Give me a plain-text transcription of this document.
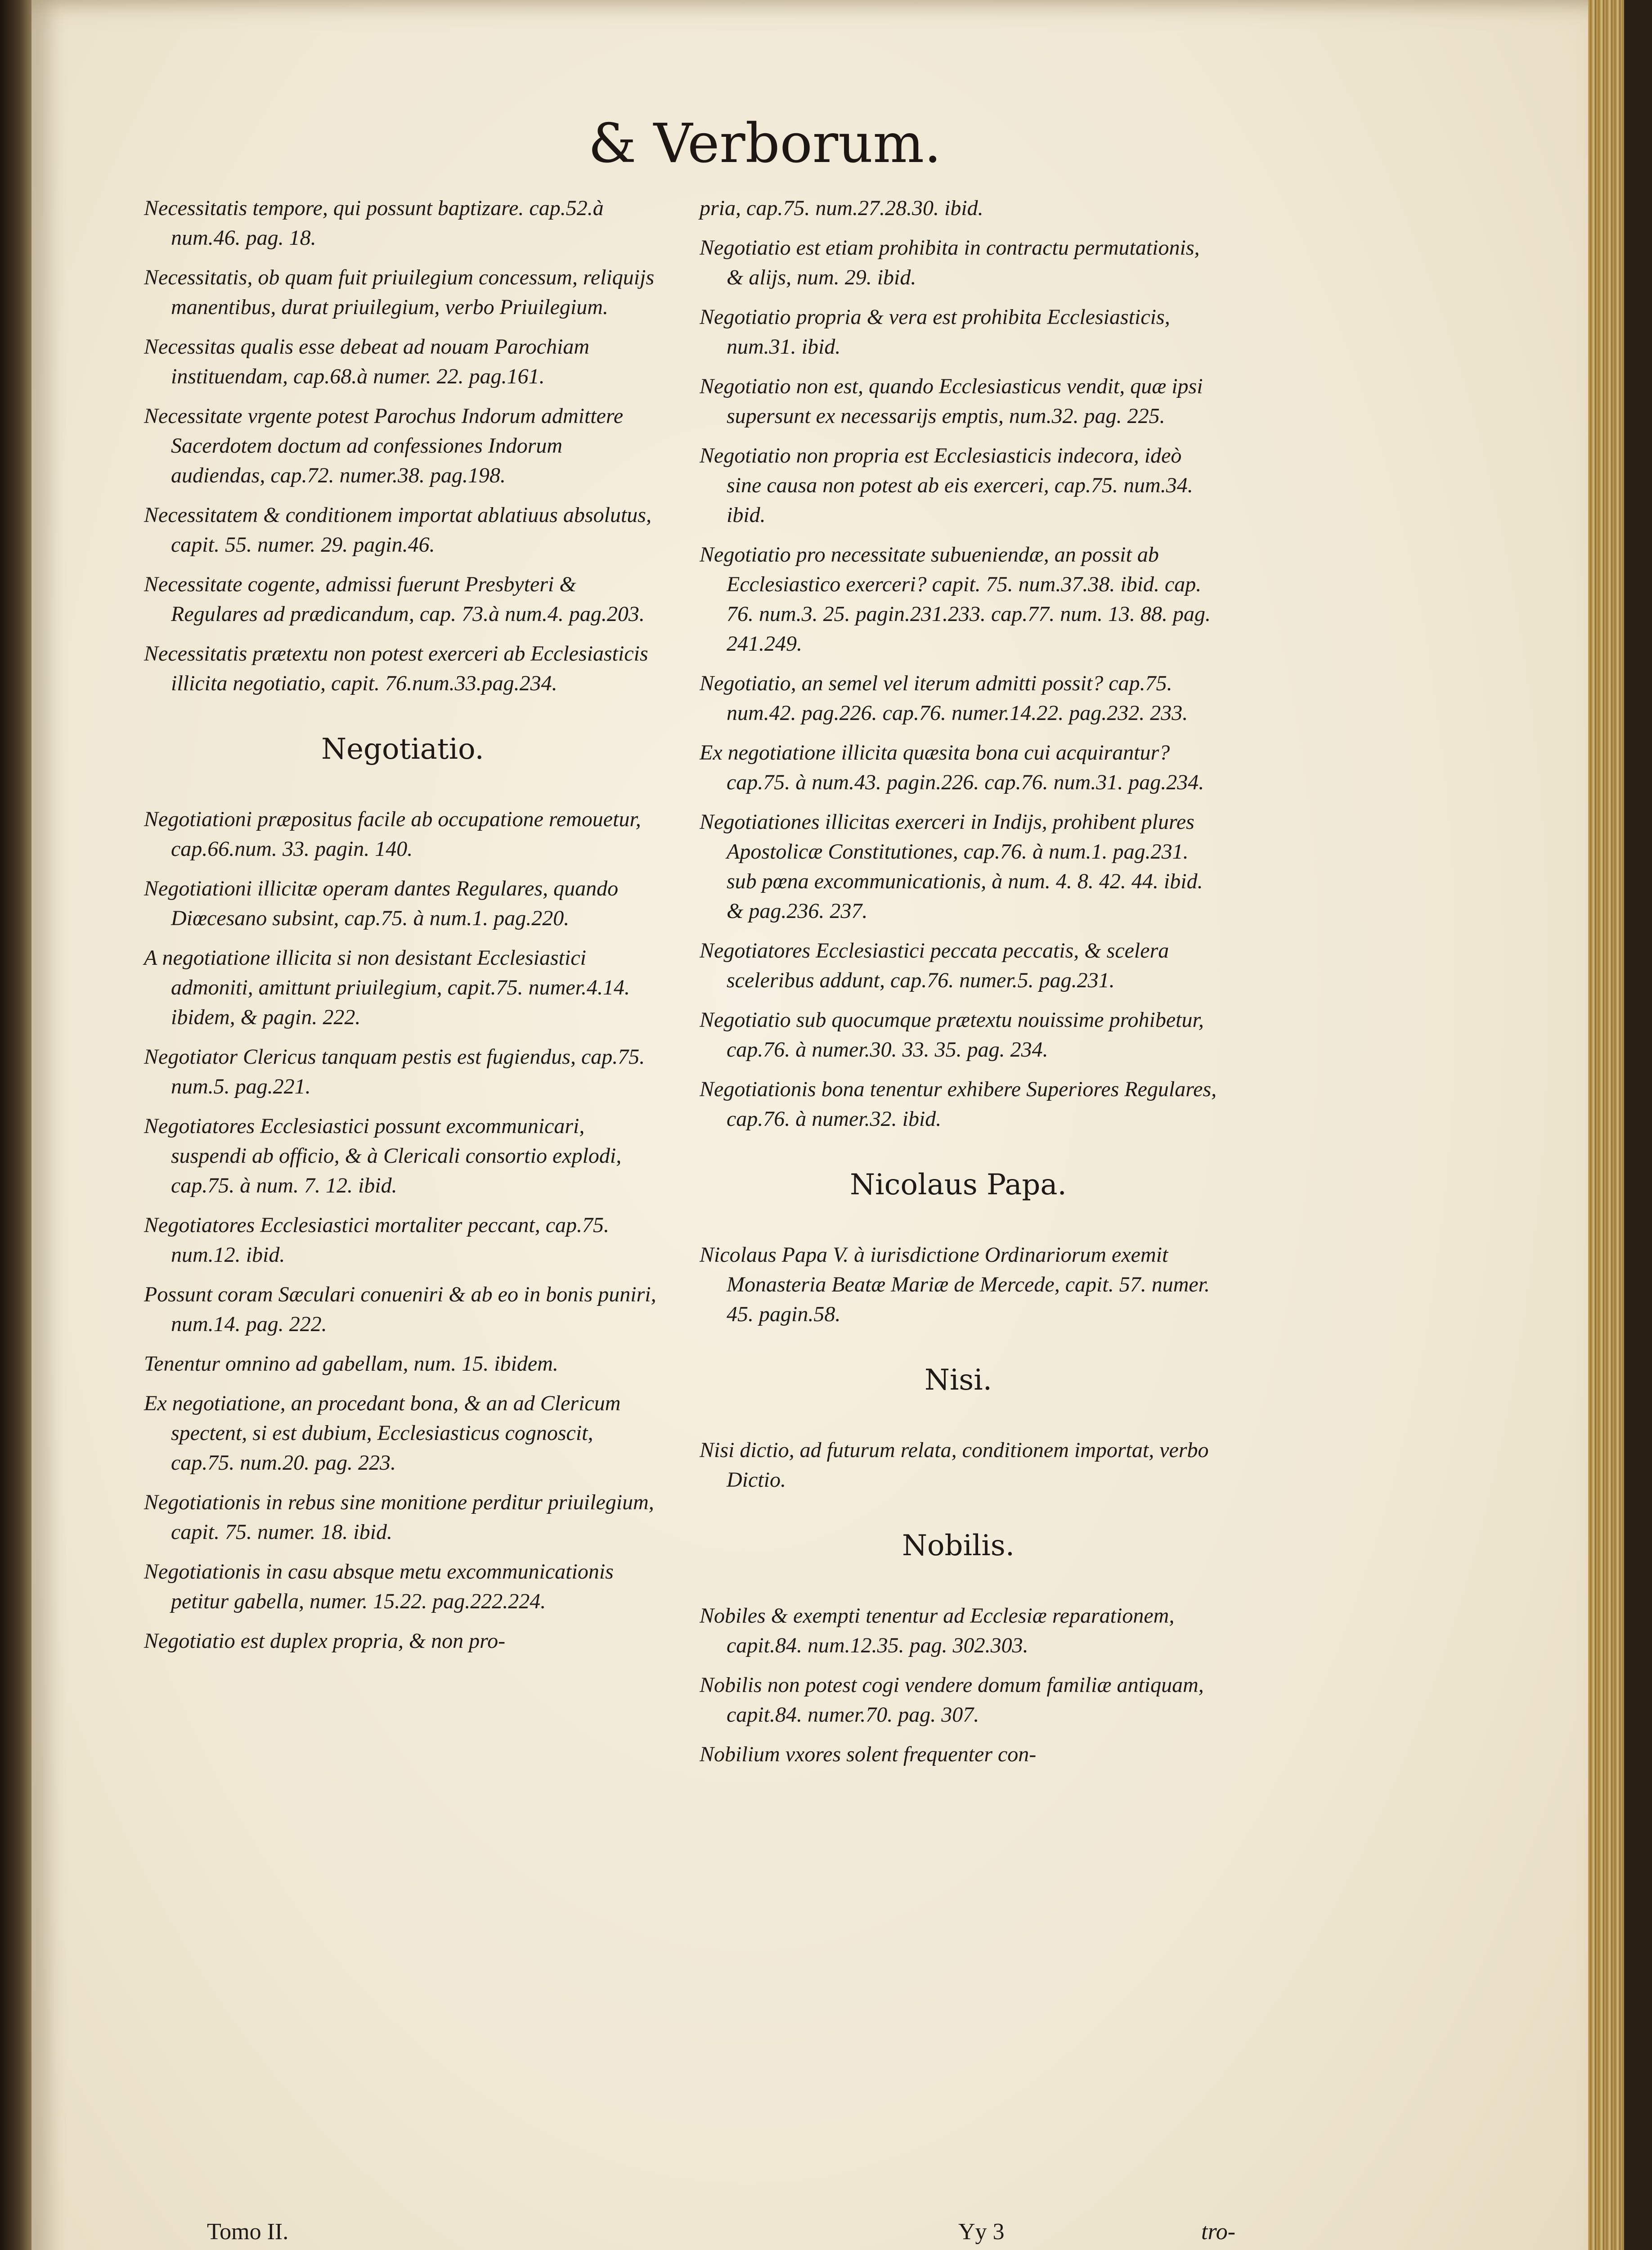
& Verborum.
Necessitatis tempore, qui possunt baptizare. cap.52.à num.46. pag. 18.
Necessitatis, ob quam fuit priuilegium concessum, reliquijs manentibus, durat priuilegium, verbo Priuilegium.
Necessitas qualis esse debeat ad nouam Parochiam instituendam, cap.68.à numer. 22. pag.161.
Necessitate vrgente potest Parochus Indorum admittere Sacerdotem doctum ad confessiones Indorum audiendas, cap.72. numer.38. pag.198.
Necessitatem & conditionem importat ablatiuus absolutus, capit. 55. numer. 29. pagin.46.
Necessitate cogente, admissi fuerunt Presbyteri & Regulares ad prædicandum, cap. 73.à num.4. pag.203.
Necessitatis prætextu non potest exerceri ab Ecclesiasticis illicita negotiatio, capit. 76.num.33.pag.234.
Negotiatio.
Negotiationi præpositus facile ab occupatione remouetur, cap.66.num. 33. pagin. 140.
Negotiationi illicitæ operam dantes Regulares, quando Diœcesano subsint, cap.75. à num.1. pag.220.
A negotiatione illicita si non desistant Ecclesiastici admoniti, amittunt priuilegium, capit.75. numer.4.14. ibidem, & pagin. 222.
Negotiator Clericus tanquam pestis est fugiendus, cap.75. num.5. pag.221.
Negotiatores Ecclesiastici possunt excommunicari, suspendi ab officio, & à Clericali consortio explodi, cap.75. à num. 7. 12. ibid.
Negotiatores Ecclesiastici mortaliter peccant, cap.75. num.12. ibid.
Possunt coram Sæculari conueniri & ab eo in bonis puniri, num.14. pag. 222.
Tenentur omnino ad gabellam, num. 15. ibidem.
Ex negotiatione, an procedant bona, & an ad Clericum spectent, si est dubium, Ecclesiasticus cognoscit, cap.75. num.20. pag. 223.
Negotiationis in rebus sine monitione perditur priuilegium, capit. 75. numer. 18. ibid.
Negotiationis in casu absque metu excommunicationis petitur gabella, numer. 15.22. pag.222.224.
Negotiatio est duplex propria, & non pro-
pria, cap.75. num.27.28.30. ibid.
Negotiatio est etiam prohibita in contractu permutationis, & alijs, num. 29. ibid.
Negotiatio propria & vera est prohibita Ecclesiasticis, num.31. ibid.
Negotiatio non est, quando Ecclesiasticus vendit, quæ ipsi supersunt ex necessarijs emptis, num.32. pag. 225.
Negotiatio non propria est Ecclesiasticis indecora, ideò sine causa non potest ab eis exerceri, cap.75. num.34. ibid.
Negotiatio pro necessitate subueniendæ, an possit ab Ecclesiastico exerceri? capit. 75. num.37.38. ibid. cap. 76. num.3. 25. pagin.231.233. cap.77. num. 13. 88. pag. 241.249.
Negotiatio, an semel vel iterum admitti possit? cap.75. num.42. pag.226. cap.76. numer.14.22. pag.232. 233.
Ex negotiatione illicita quæsita bona cui acquirantur? cap.75. à num.43. pagin.226. cap.76. num.31. pag.234.
Negotiationes illicitas exerceri in Indijs, prohibent plures Apostolicæ Constitutiones, cap.76. à num.1. pag.231. sub pœna excommunicationis, à num. 4. 8. 42. 44. ibid. & pag.236. 237.
Negotiatores Ecclesiastici peccata peccatis, & scelera sceleribus addunt, cap.76. numer.5. pag.231.
Negotiatio sub quocumque prætextu nouissime prohibetur, cap.76. à numer.30. 33. 35. pag. 234.
Negotiationis bona tenentur exhibere Superiores Regulares, cap.76. à numer.32. ibid.
Nicolaus Papa.
Nicolaus Papa V. à iurisdictione Ordinariorum exemit Monasteria Beatæ Mariæ de Mercede, capit. 57. numer. 45. pagin.58.
Nisi.
Nisi dictio, ad futurum relata, conditionem importat, verbo Dictio.
Nobilis.
Nobiles & exempti tenentur ad Ecclesiæ reparationem, capit.84. num.12.35. pag. 302.303.
Nobilis non potest cogi vendere domum familiæ antiquam, capit.84. numer.70. pag. 307.
Nobilium vxores solent frequenter con-
Tomo II.	Yy 3	tro-
